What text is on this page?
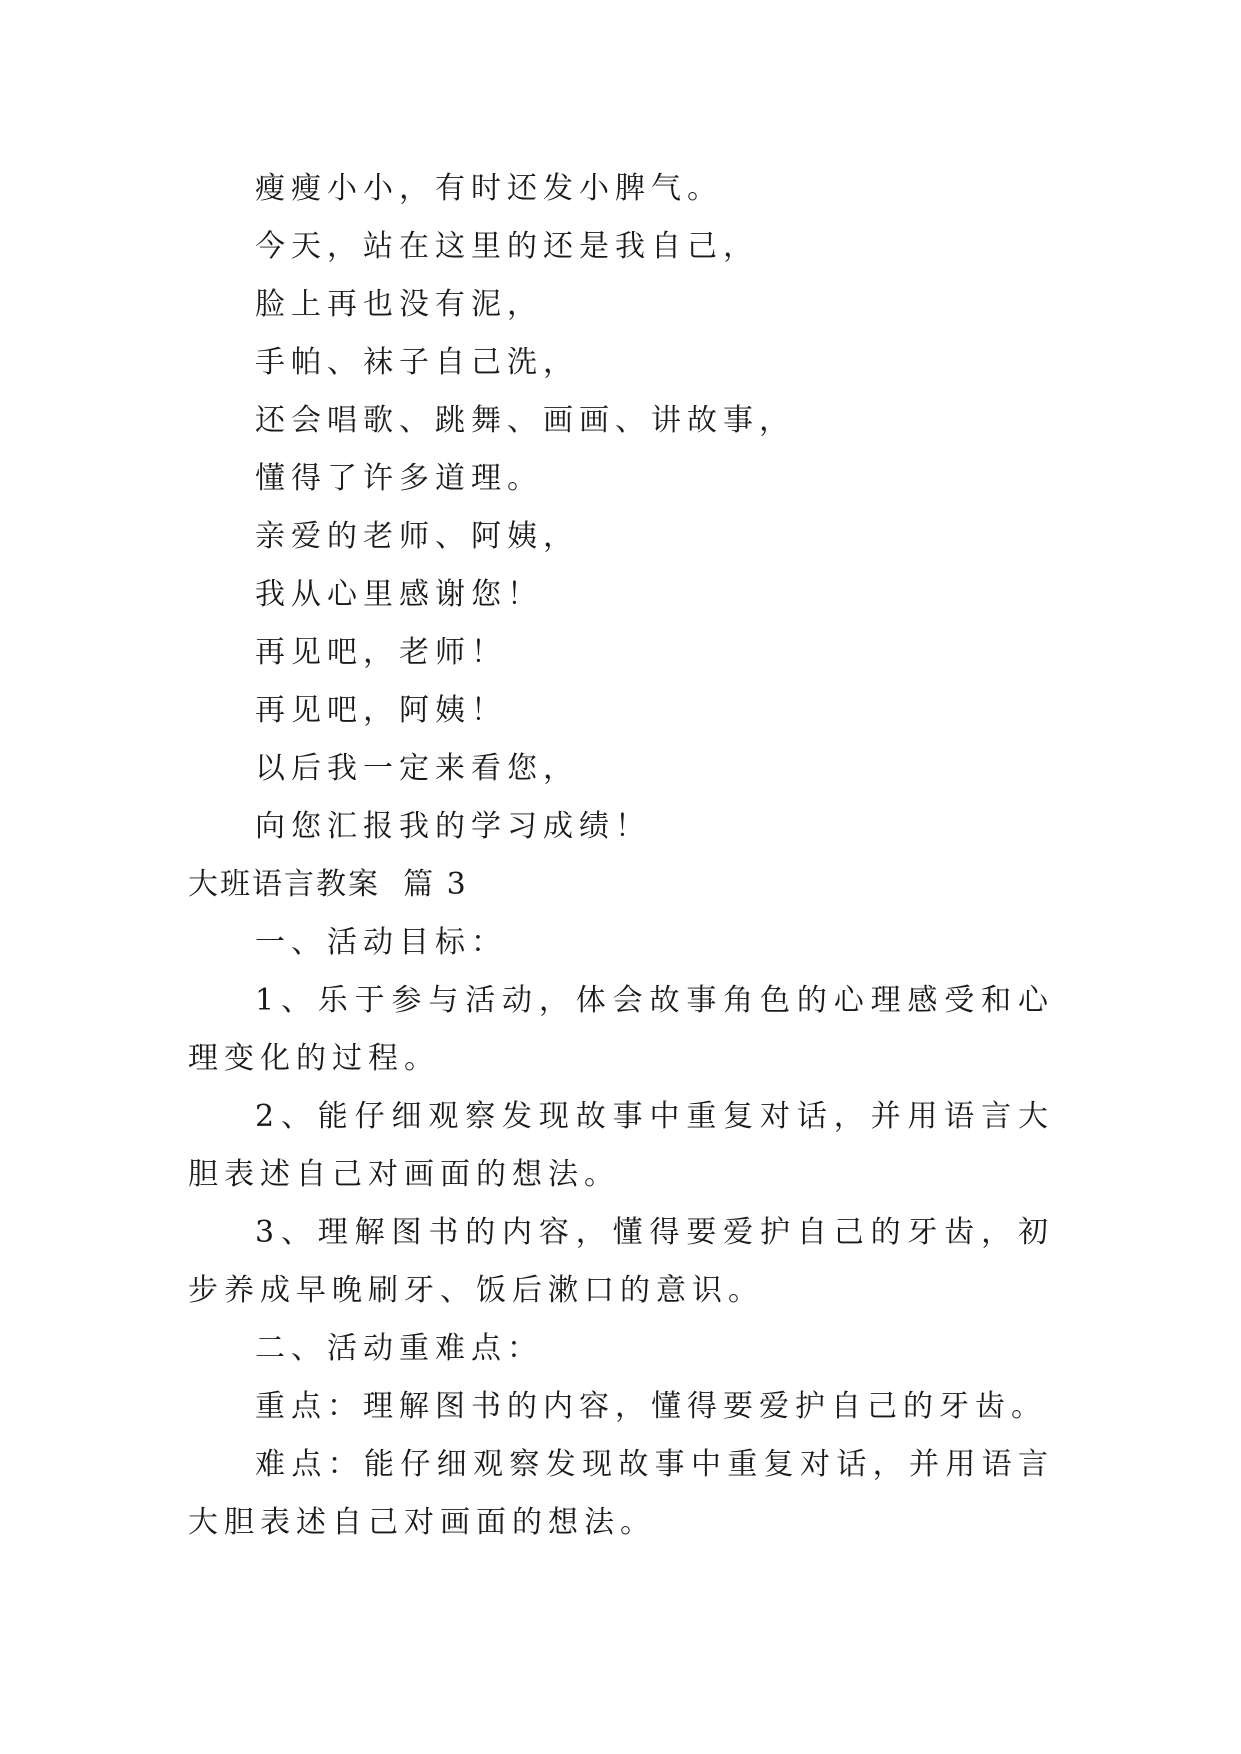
瘦瘦小小，有时还发小脾气。
今天，站在这里的还是我自己，
脸上再也没有泥，
手帕、袜子自己洗，
还会唱歌、跳舞、画画、讲故事，
懂得了许多道理。
亲爱的老师、阿姨，
我从心里感谢您！
再见吧，老师！
再见吧，阿姨！
以后我一定来看您，
向您汇报我的学习成绩！
大班语言教案  篇 3
一、活动目标：

1、乐于参与活动，体会故事角色的心理感受和心理变化的过程。

2、能仔细观察发现故事中重复对话，并用语言大胆表述自己对画面的想法。

3、理解图书的内容，懂得要爱护自己的牙齿，初步养成早晚刷牙、饭后漱口的意识。

二、活动重难点：

重点：理解图书的内容，懂得要爱护自己的牙齿。

难点：能仔细观察发现故事中重复对话，并用语言大胆表述自己对画面的想法。
